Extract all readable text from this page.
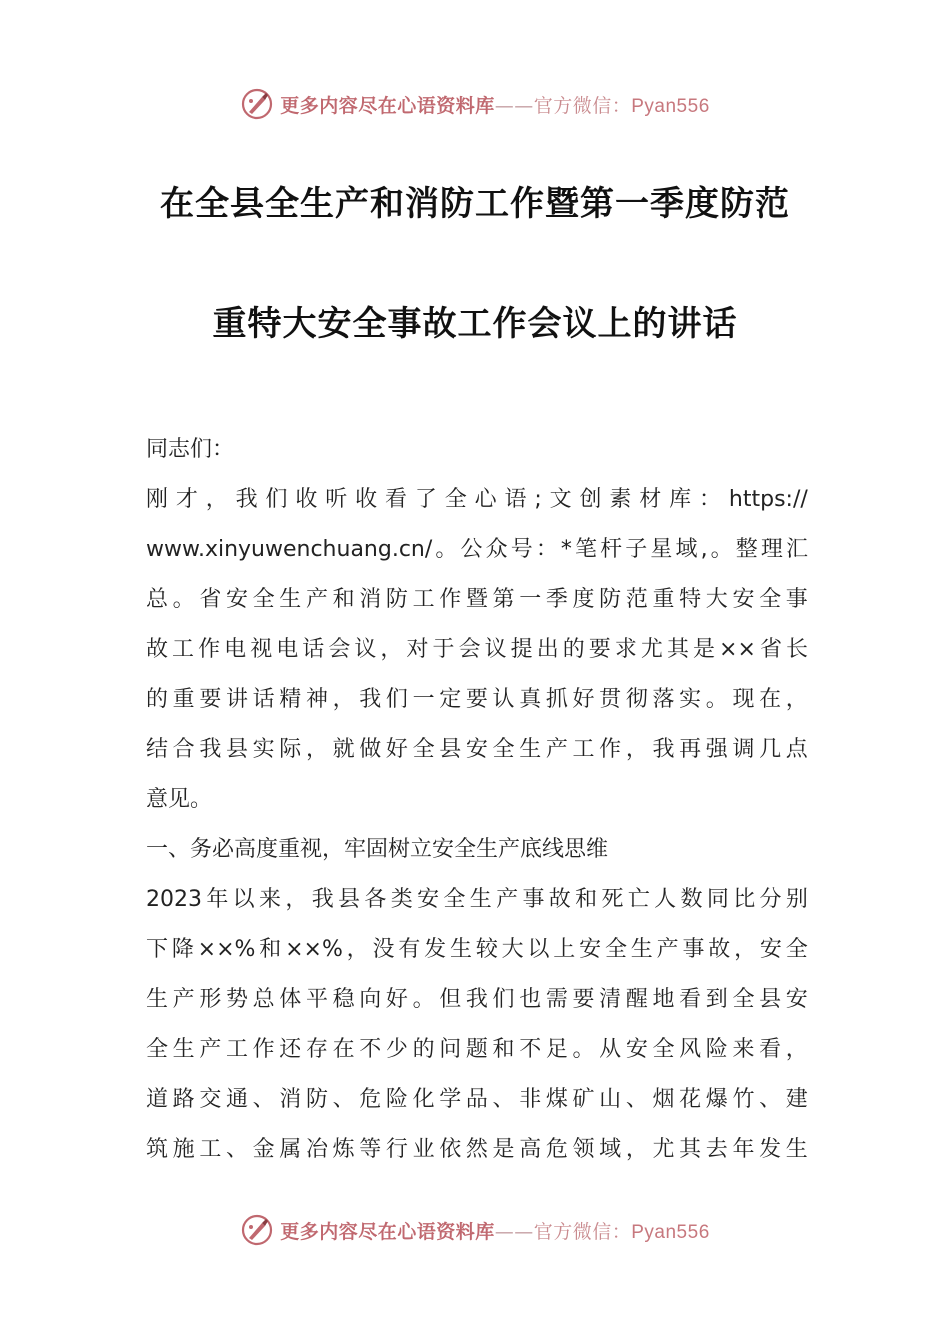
更多内容尽在心语资料库——官方微信：Pyan556
在全县全生产和消防工作暨第一季度防范
重特大安全事故工作会议上的讲话
同志们：
刚 才 ， 我 们 收 听 收 看 了 全 心 语 ; 文 创 素 材 库 ： https://
www.xinyuwenchuang.cn/ 。 公 众 号 ： * 笔 杆 子 星 域 , 。 整 理 汇
总 。 省 安 全 生 产 和 消 防 工 作 暨 第 一 季 度 防 范 重 特 大 安 全 事
故 工 作 电 视 电 话 会 议 ， 对 于 会 议 提 出 的 要 求 尤 其 是 ×× 省 长
的 重 要 讲 话 精 神 ， 我 们 一 定 要 认 真 抓 好 贯 彻 落 实 。 现 在 ，
结 合 我 县 实 际 ， 就 做 好 全 县 安 全 生 产 工 作 ， 我 再 强 调 几 点
意见。
一、务必高度重视，牢固树立安全生产底线思维
2023 年 以 来 ， 我 县 各 类 安 全 生 产 事 故 和 死 亡 人 数 同 比 分 别
下 降 ××% 和 ××% ， 没 有 发 生 较 大 以 上 安 全 生 产 事 故 ， 安 全
生 产 形 势 总 体 平 稳 向 好 。 但 我 们 也 需 要 清 醒 地 看 到 全 县 安
全 生 产 工 作 还 存 在 不 少 的 问 题 和 不 足 。 从 安 全 风 险 来 看 ，
道 路 交 通 、 消 防 、 危 险 化 学 品 、 非 煤 矿 山 、 烟 花 爆 竹 、 建
筑 施 工 、 金 属 冶 炼 等 行 业 依 然 是 高 危 领 域 ， 尤 其 去 年 发 生
更多内容尽在心语资料库——官方微信：Pyan556
